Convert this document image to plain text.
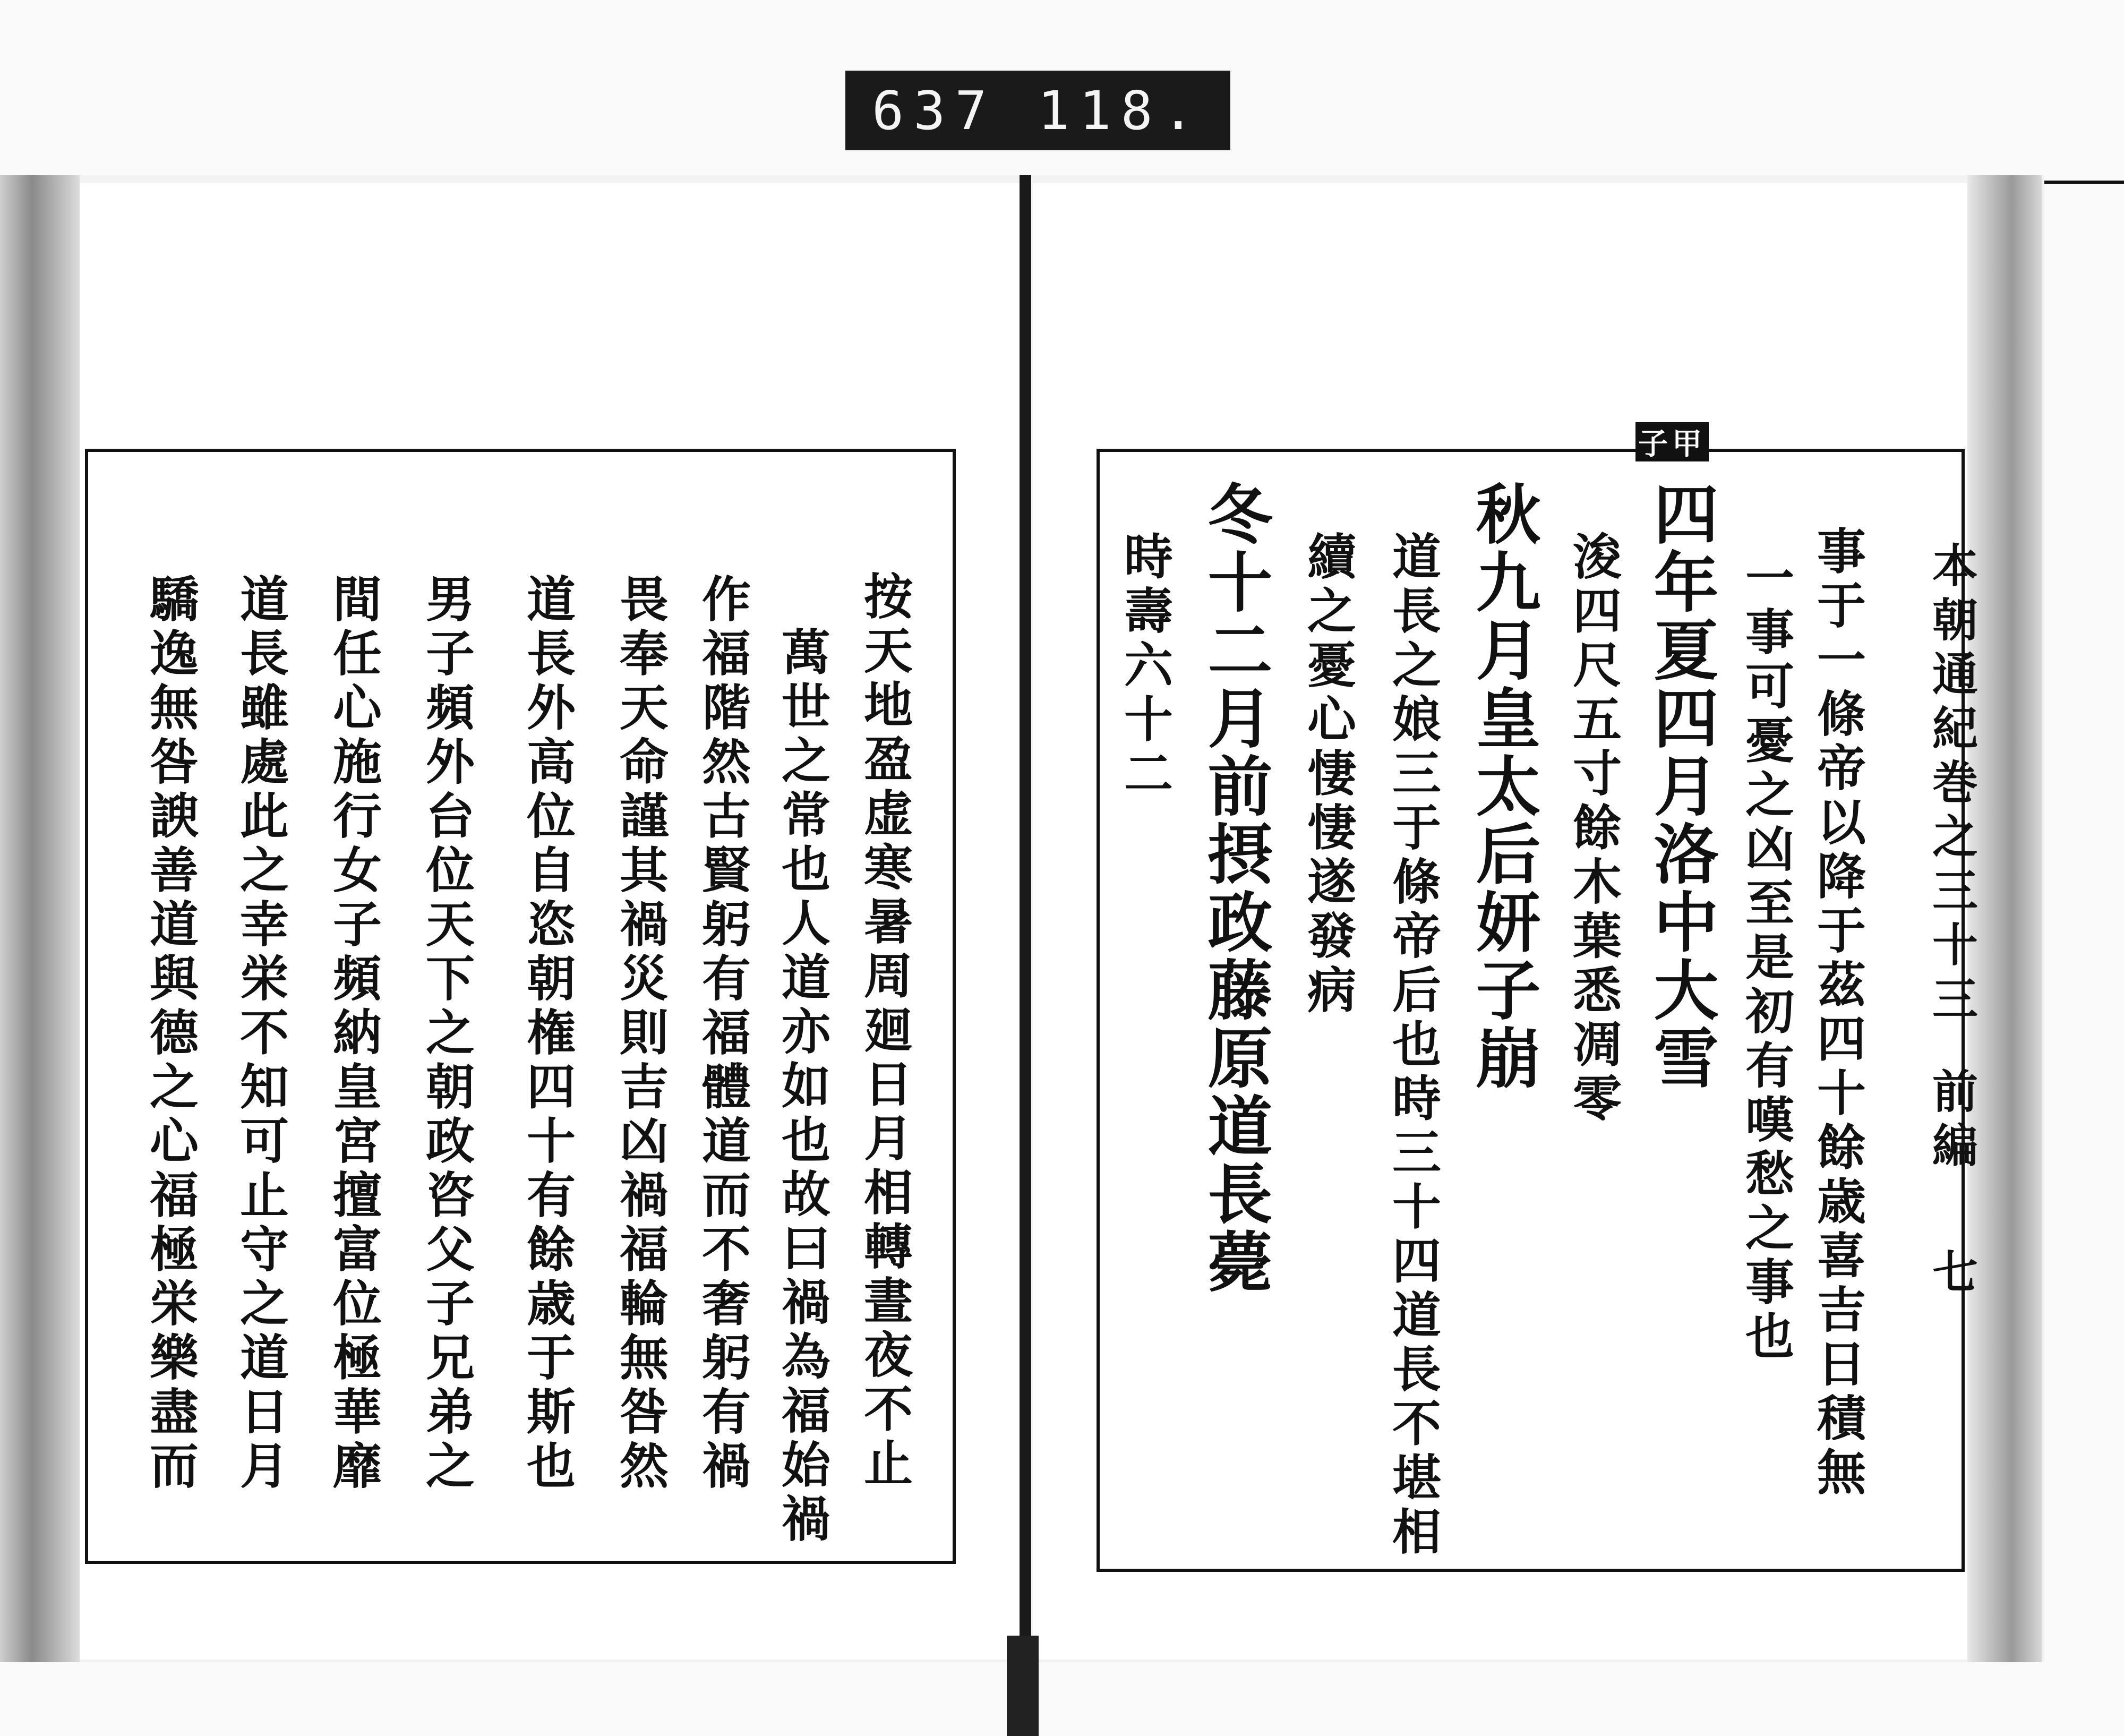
637 118.
子甲
本朝通紀巻之三十三
前編
七
事于一條帝以降于茲四十餘歳喜吉日積無
一事可憂之凶至是初有嘆愁之事也
四年夏四月洛中大雪
浚四尺五寸餘木葉悉凋零
秋九月皇太后妍子崩
道長之娘三于條帝后也時三十四道長不堪相
續之憂心悽悽遂發病
冬十二月前摂政藤原道長薨
時壽六十二
按天地盈虚寒暑周廻日月相轉晝夜不止
萬世之常也人道亦如也故曰禍為福始禍
作福階然古賢躬有福體道而不奢躬有禍
畏奉天命謹其禍災則吉凶禍福輪無咎然
道長外高位自恣朝権四十有餘歳于斯也
男子頻外台位天下之朝政咨父子兄弟之
間任心施行女子頻納皇宮擅富位極華靡
道長雖處此之幸栄不知可止守之道日月
驕逸無咎諛善道與德之心福極栄樂盡而
